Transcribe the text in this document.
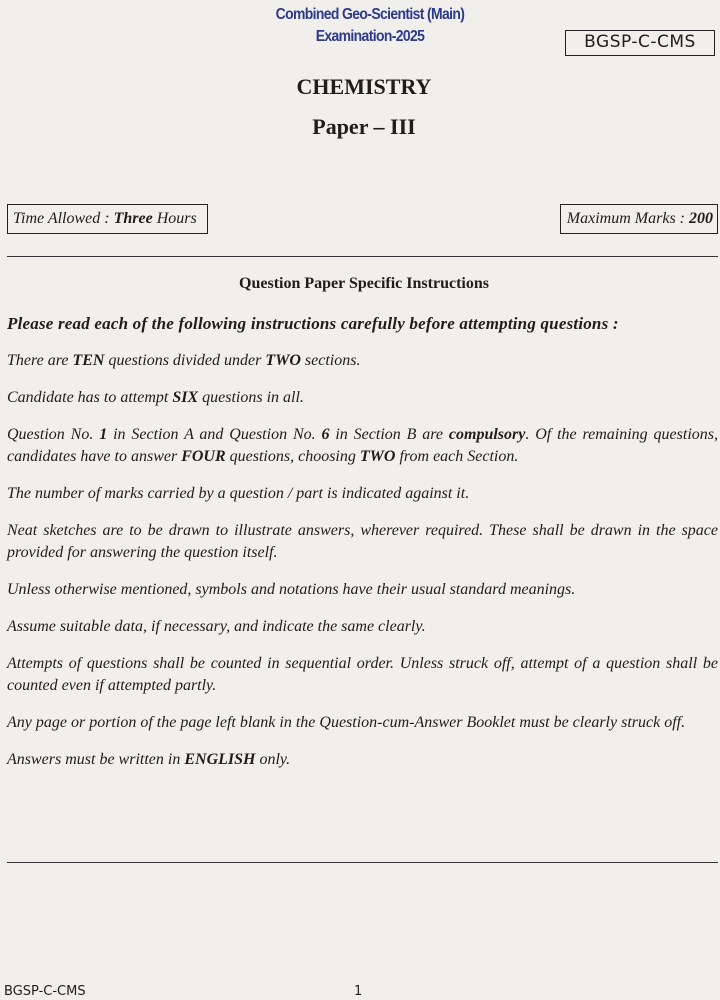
Combined Geo-Scientist (Main)
Examination-2025	BGSP-C-CMS
CHEMISTRY
Paper – III
Time Allowed : Three Hours	Maximum Marks : 200
Question Paper Specific Instructions

Please read each of the following instructions carefully before attempting questions :

There are TEN questions divided under TWO sections.

Candidate has to attempt SIX questions in all.

Question No. 1 in Section A and Question No. 6 in Section B are compulsory. Of the remaining questions, candidates have to answer FOUR questions, choosing TWO from each Section.

The number of marks carried by a question / part is indicated against it.

Neat sketches are to be drawn to illustrate answers, wherever required. These shall be drawn in the space provided for answering the question itself.

Unless otherwise mentioned, symbols and notations have their usual standard meanings.

Assume suitable data, if necessary, and indicate the same clearly.

Attempts of questions shall be counted in sequential order. Unless struck off, attempt of a question shall be counted even if attempted partly.

Any page or portion of the page left blank in the Question-cum-Answer Booklet must be clearly struck off.

Answers must be written in ENGLISH only.

BGSP-C-CMS	1
